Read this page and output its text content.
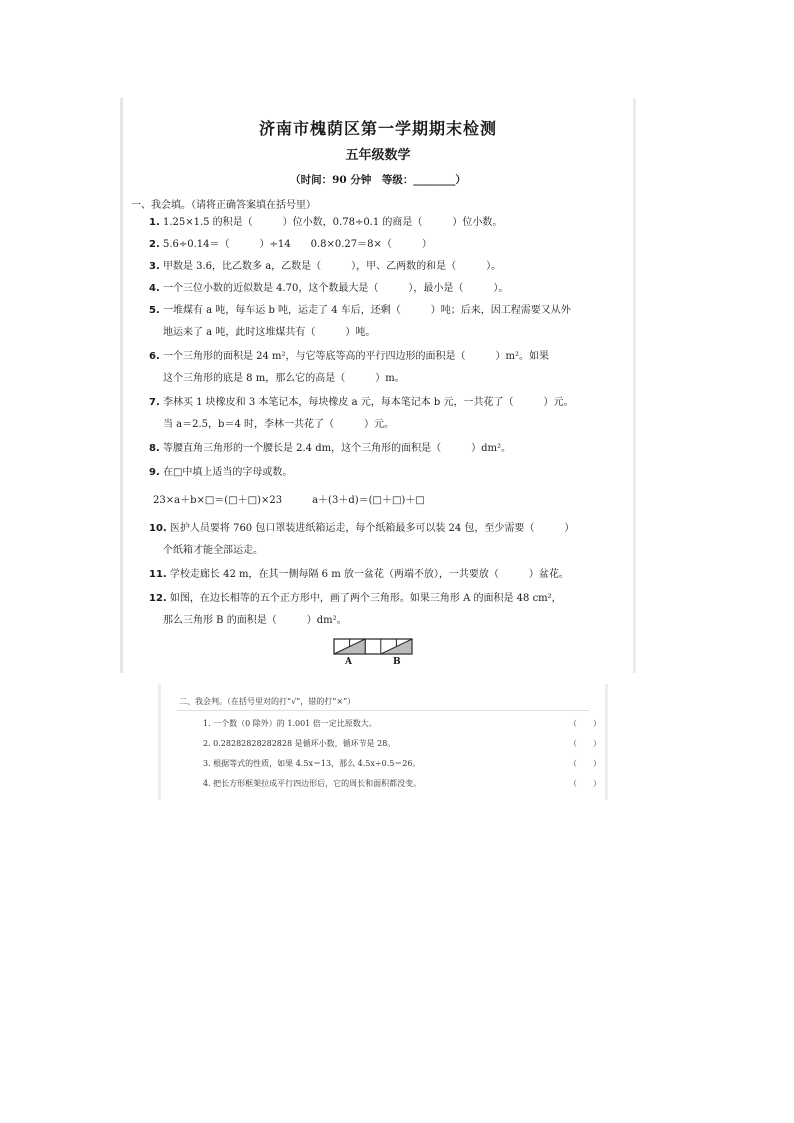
济南市槐荫区第一学期期末检测
五年级数学
（时间：90 分钟　等级：________）
一、我会填。（请将正确答案填在括号里）
1. 1.25×1.5 的积是（　　　）位小数，0.78÷0.1 的商是（　　　）位小数。
2. 5.6÷0.14＝（　　　）÷14　　0.8×0.27＝8×（　　　）
3. 甲数是 3.6，比乙数多 a，乙数是（　　　），甲、乙两数的和是（　　　）。
4. 一个三位小数的近似数是 4.70，这个数最大是（　　　），最小是（　　　）。
5. 一堆煤有 a 吨，每车运 b 吨，运走了 4 车后，还剩（　　　）吨；后来，因工程需要又从外
地运来了 a 吨，此时这堆煤共有（　　　）吨。
6. 一个三角形的面积是 24 m²，与它等底等高的平行四边形的面积是（　　　）m²。如果
这个三角形的底是 8 m，那么它的高是（　　　）m。
7. 李林买 1 块橡皮和 3 本笔记本，每块橡皮 a 元，每本笔记本 b 元，一共花了（　　　）元。
当 a＝2.5，b＝4 时，李林一共花了（　　　）元。
8. 等腰直角三角形的一个腰长是 2.4 dm，这个三角形的面积是（　　　）dm²。
9. 在□中填上适当的字母或数。
23×a＋b×□＝(□＋□)×23　　　a＋(3＋d)＝(□＋□)＋□
10. 医护人员要将 760 包口罩装进纸箱运走，每个纸箱最多可以装 24 包，至少需要（　　　）
个纸箱才能全部运走。
11. 学校走廊长 42 m，在其一侧每隔 6 m 放一盆花（两端不放），一共要放（　　　）盆花。
12. 如图，在边长相等的五个正方形中，画了两个三角形。如果三角形 A 的面积是 48 cm²，
那么三角形 B 的面积是（　　　）dm²。
A	B
二、我会判。（在括号里对的打“√”，错的打“×”）
1. 一个数（0 除外）的 1.001 倍一定比原数大。	（　　）
2. 0.28282828282828 是循环小数，循环节是 28。	（　　）
3. 根据等式的性质，如果 4.5x＝13，那么 4.5x÷0.5＝26。	（　　）
4. 把长方形框架拉成平行四边形后，它的周长和面积都没变。	（　　）
